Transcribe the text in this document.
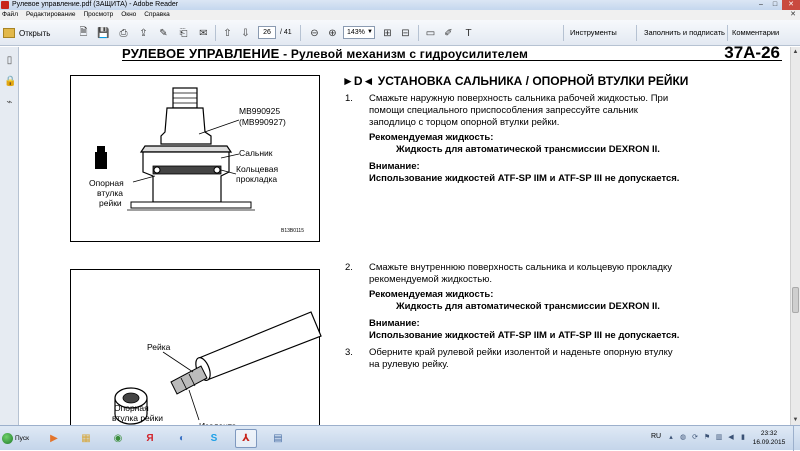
Рулевое управление.pdf (ЗАЩИТА) - Adobe Reader	–	□	✕
Файл Редактирование Просмотр Окно Справка	✕
Открыть	🗎 💾 ⎙	⇪	✎	⎗	✉	⇧ ⇩	26	/ 41	⊖ ⊕	143% ▼	⊞ ⊟	▭ ✐	T	Инструменты	Заполнить и подписать Комментарии
▯
🔒
⌁
РУЛЕВОЕ УПРАВЛЕНИЕ - Рулевой механизм с гидроусилителем	37A-26
►D◄ УСТАНОВКА САЛЬНИКА / ОПОРНОЙ ВТУЛКИ РЕЙКИ
1. Смажьте наружную поверхность сальника рабочей жидкостью. При
помощи специального приспособления запрессуйте сальник
заподлицо с торцом опорной втулки рейки.
Рекомендуемая жидкость:
Жидкость для автоматической трансмиссии DEXRON II.
Внимание:
Использование жидкостей ATF-SP IIM и ATF-SP III не допускается.
2. Смажьте внутреннюю поверхность сальника и кольцевую прокладку
рекомендуемой жидкостью.
Рекомендуемая жидкость:
Жидкость для автоматической трансмиссии DEXRON II.
Внимание:
Использование жидкостей ATF-SP IIM и ATF-SP III не допускается.
3. Оберните край рулевой рейки изолентой и наденьте опорную втулку
на рулевую рейку.
MB990925
(MB990927)
Сальник
Кольцевая
прокладка
Опорная
втулка
рейки
B13B0115
Рейка
Опорная
втулка рейки
▲
▼
Пуск	▶	▦	◉	Я	◐	S	⅄	▤	RU	▴	◍ ⟳ ⚑ ▥ ◀ ▮
23:32
16.09.2015
